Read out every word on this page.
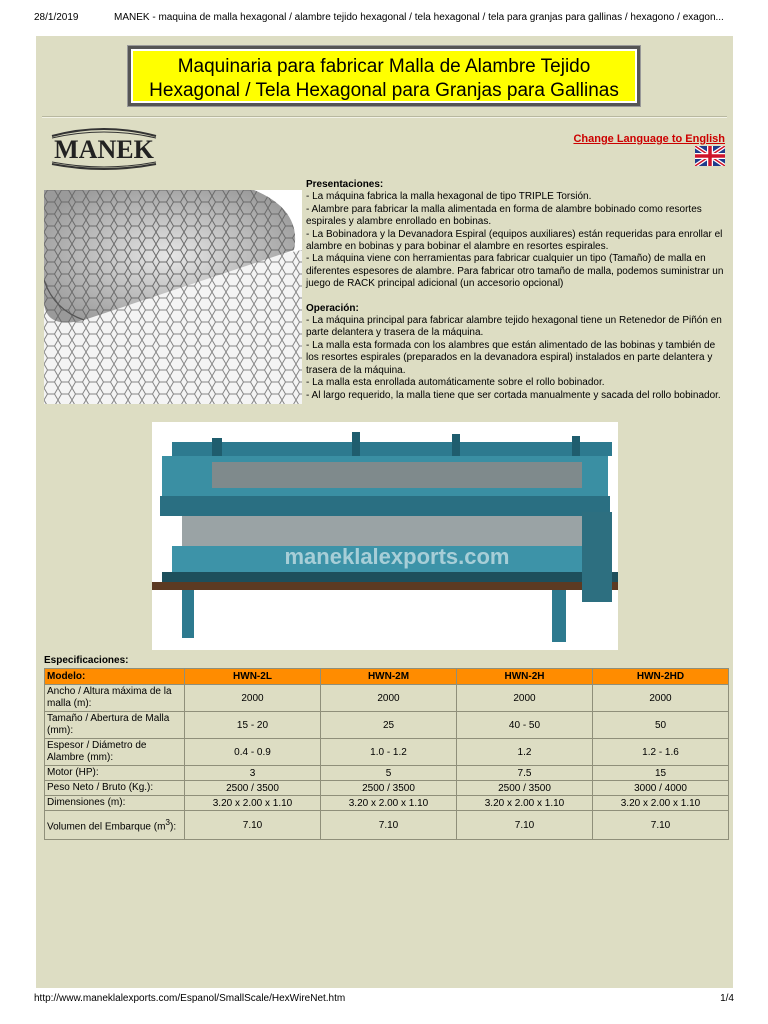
28/1/2019	MANEK - maquina de malla hexagonal / alambre tejido hexagonal / tela hexagonal / tela para granjas para gallinas / hexagono / exagon...
Maquinaria para fabricar Malla de Alambre Tejido
Hexagonal / Tela Hexagonal para Granjas para Gallinas
MANEK	Change Language to English

Presentaciones:

- La máquina fabrica la malla hexagonal de tipo TRIPLE Torsión.

- Alambre para fabricar la malla alimentada en forma de alambre bobinado como resortes espirales y alambre enrollado en bobinas.

- La Bobinadora y la Devanadora Espiral (equipos auxiliares) están requeridas para enrollar el alambre en bobinas y para bobinar el alambre en resortes espirales.

- La máquina viene con herramientas para fabricar cualquier un tipo (Tamaño) de malla en diferentes espesores de alambre. Para fabricar otro tamaño de malla, podemos suministrar un juego de RACK principal adicional (un accesorio opcional)

Operación:

- La máquina principal para fabricar alambre tejido hexagonal tiene un Retenedor de Piñón en parte delantera y trasera de la máquina.

- La malla esta formada con los alambres que están alimentado de las bobinas y también de los resortes espirales (preparados en la devanadora espiral) instalados en parte delantera y trasera de la máquina.

- La malla esta enrollada automáticamente sobre el rollo bobinador.

- Al largo requerido, la malla tiene que ser cortada manualmente y sacada del rollo bobinador.

maneklalexports.com
Especificaciones:
Modelo:	HWN-2L	HWN-2M	HWN-2H	HWN-2HD
Ancho / Altura máxima de la malla (m):	2000	2000	2000	2000
Tamaño / Abertura de Malla (mm):	15 - 20	25	40 - 50	50
Espesor / Diámetro de Alambre (mm):	0.4 - 0.9	1.0 - 1.2	1.2	1.2 - 1.6
Motor (HP):	3	5	7.5	15
Peso Neto / Bruto (Kg.):	2500 / 3500	2500 / 3500	2500 / 3500	3000 / 4000
Dimensiones (m):	3.20 x 2.00 x 1.10	3.20 x 2.00 x 1.10	3.20 x 2.00 x 1.10	3.20 x 2.00 x 1.10
Volumen del Embarque $(m^3)$:	7.10	7.10	7.10	7.10
http://www.maneklalexports.com/Espanol/SmallScale/HexWireNet.htm	1/4
